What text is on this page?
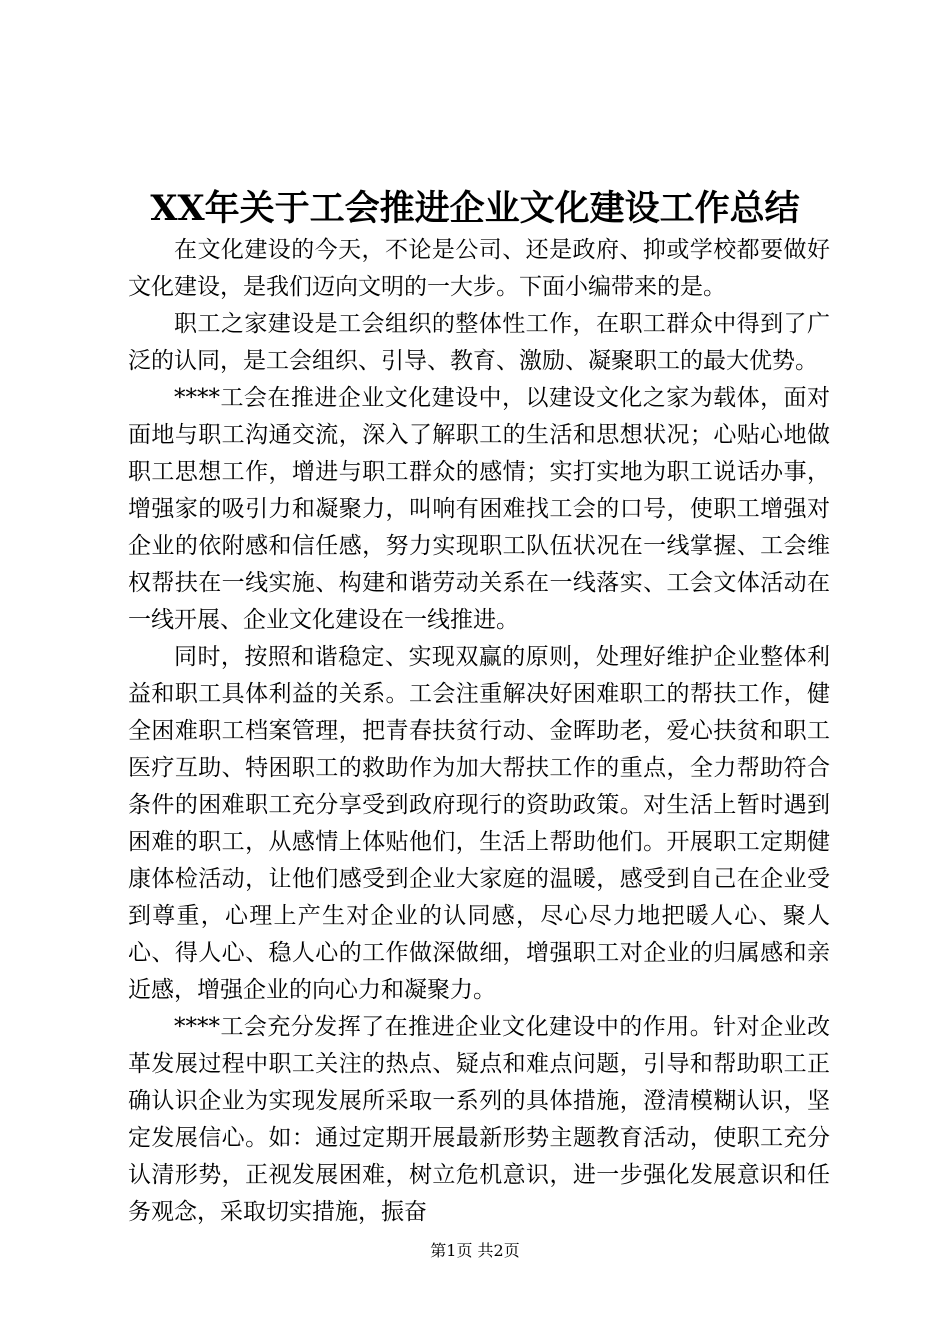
XX年关于工会推进企业文化建设工作总结

在文化建设的今天，不论是公司、还是政府、抑或学校都要做好文化建设，是我们迈向文明的一大步。下面小编带来的是。

职工之家建设是工会组织的整体性工作，在职工群众中得到了广泛的认同，是工会组织、引导、教育、激励、凝聚职工的最大优势。

****工会在推进企业文化建设中，以建设文化之家为载体，面对面地与职工沟通交流，深入了解职工的生活和思想状况；心贴心地做职工思想工作，增进与职工群众的感情；实打实地为职工说话办事，增强家的吸引力和凝聚力，叫响有困难找工会的口号，使职工增强对企业的依附感和信任感，努力实现职工队伍状况在一线掌握、工会维权帮扶在一线实施、构建和谐劳动关系在一线落实、工会文体活动在一线开展、企业文化建设在一线推进。

同时，按照和谐稳定、实现双赢的原则，处理好维护企业整体利益和职工具体利益的关系。工会注重解决好困难职工的帮扶工作，健全困难职工档案管理，把青春扶贫行动、金晖助老，爱心扶贫和职工医疗互助、特困职工的救助作为加大帮扶工作的重点，全力帮助符合条件的困难职工充分享受到政府现行的资助政策。对生活上暂时遇到困难的职工，从感情上体贴他们，生活上帮助他们。开展职工定期健康体检活动，让他们感受到企业大家庭的温暖，感受到自己在企业受到尊重，心理上产生对企业的认同感，尽心尽力地把暖人心、聚人心、得人心、稳人心的工作做深做细，增强职工对企业的归属感和亲近感，增强企业的向心力和凝聚力。

****工会充分发挥了在推进企业文化建设中的作用。针对企业改革发展过程中职工关注的热点、疑点和难点问题，引导和帮助职工正确认识企业为实现发展所采取一系列的具体措施，澄清模糊认识，坚定发展信心。如：通过定期开展最新形势主题教育活动，使职工充分认清形势，正视发展困难，树立危机意识，进一步强化发展意识和任务观念，采取切实措施，振奋

第1页 共2页
